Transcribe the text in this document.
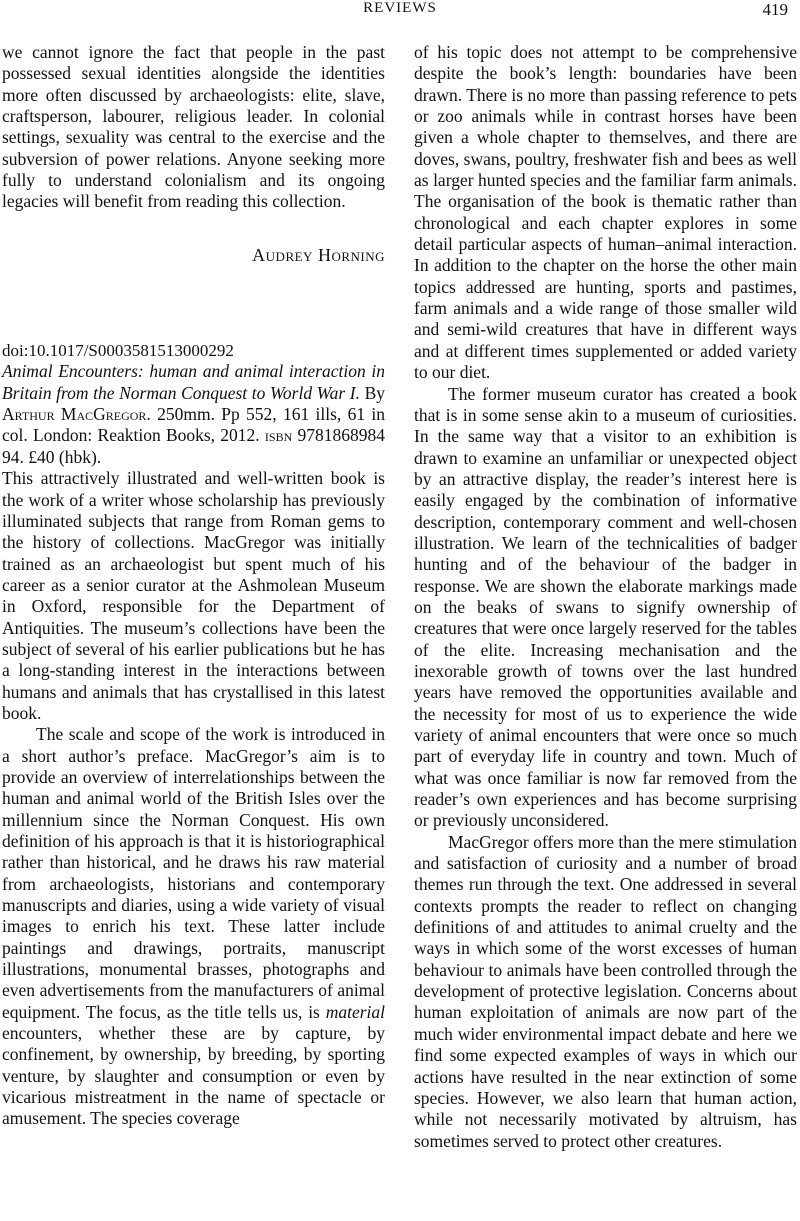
REVIEWS	419

we cannot ignore the fact that people in the past possessed sexual identities alongside the identities more often discussed by archaeologists: elite, slave, craftsperson, labourer, religious leader. In colonial settings, sexuality was central to the exercise and the subversion of power relations. Anyone seeking more fully to understand colonialism and its ongoing legacies will benefit from reading this collection.

Audrey Horning
doi:10.1017/S0003581513000292

Animal Encounters: human and animal interaction in Britain from the Norman Conquest to World War I. By Arthur MacGregor. 250mm. Pp 552, 161 ills, 61 in col. London: Reaktion Books, 2012. isbn 9781868984 94. £40 (hbk).

This attractively illustrated and well-written book is the work of a writer whose scholarship has previously illuminated subjects that range from Roman gems to the history of collections. MacGregor was initially trained as an archaeologist but spent much of his career as a senior curator at the Ashmolean Museum in Oxford, responsible for the Department of Antiquities. The museum’s collections have been the subject of several of his earlier publications but he has a long-standing interest in the interactions between humans and animals that has crystallised in this latest book.

The scale and scope of the work is introduced in a short author’s preface. MacGregor’s aim is to provide an overview of interrelationships between the human and animal world of the British Isles over the millennium since the Norman Conquest. His own definition of his approach is that it is historiographical rather than historical, and he draws his raw material from archaeologists, historians and contemporary manuscripts and diaries, using a wide variety of visual images to enrich his text. These latter include paintings and drawings, portraits, manuscript illustrations, monumental brasses, photographs and even advertisements from the manufacturers of animal equipment. The focus, as the title tells us, is material encounters, whether these are by capture, by confinement, by ownership, by breeding, by sporting venture, by slaughter and consumption or even by vicarious mistreatment in the name of spectacle or amusement. The species coverage

of his topic does not attempt to be comprehensive despite the book’s length: boundaries have been drawn. There is no more than passing reference to pets or zoo animals while in contrast horses have been given a whole chapter to themselves, and there are doves, swans, poultry, freshwater fish and bees as well as larger hunted species and the familiar farm animals. The organisation of the book is thematic rather than chronological and each chapter explores in some detail particular aspects of human–animal interaction. In addition to the chapter on the horse the other main topics addressed are hunting, sports and pastimes, farm animals and a wide range of those smaller wild and semi-wild creatures that have in different ways and at different times supplemented or added variety to our diet.

The former museum curator has created a book that is in some sense akin to a museum of curiosities. In the same way that a visitor to an exhibition is drawn to examine an unfamiliar or unexpected object by an attractive display, the reader’s interest here is easily engaged by the combination of informative description, contemporary comment and well-chosen illustration. We learn of the technicalities of badger hunting and of the behaviour of the badger in response. We are shown the elaborate markings made on the beaks of swans to signify ownership of creatures that were once largely reserved for the tables of the elite. Increasing mechanisation and the inexorable growth of towns over the last hundred years have removed the opportunities available and the necessity for most of us to experience the wide variety of animal encounters that were once so much part of everyday life in country and town. Much of what was once familiar is now far removed from the reader’s own experiences and has become surprising or previously unconsidered.

MacGregor offers more than the mere stimulation and satisfaction of curiosity and a number of broad themes run through the text. One addressed in several contexts prompts the reader to reflect on changing definitions of and attitudes to animal cruelty and the ways in which some of the worst excesses of human behaviour to animals have been controlled through the development of protective legislation. Concerns about human exploitation of animals are now part of the much wider environmental impact debate and here we find some expected examples of ways in which our actions have resulted in the near extinction of some species. However, we also learn that human action, while not necessarily motivated by altruism, has sometimes served to protect other creatures.
